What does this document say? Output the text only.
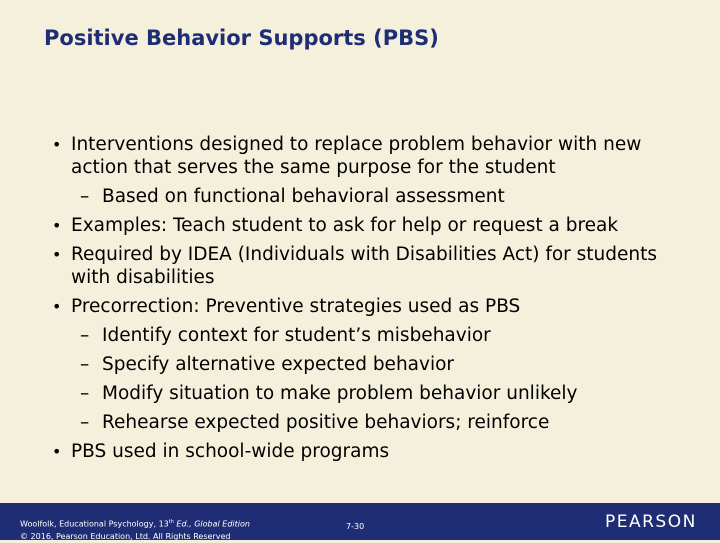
Positive Behavior Supports (PBS)
• Interventions designed to replace problem behavior with new action that serves the same purpose for the student
– Based on functional behavioral assessment
• Examples: Teach student to ask for help or request a break
• Required by IDEA (Individuals with Disabilities Act) for students with disabilities
• Precorrection: Preventive strategies used as PBS
– Identify context for student’s misbehavior
– Specify alternative expected behavior
– Modify situation to make problem behavior unlikely
– Rehearse expected positive behaviors; reinforce
• PBS used in school-wide programs
Woolfolk, Educational Psychology, 13th Ed., Global Edition
© 2016, Pearson Education, Ltd. All Rights Reserved
7-30	PEARSON
